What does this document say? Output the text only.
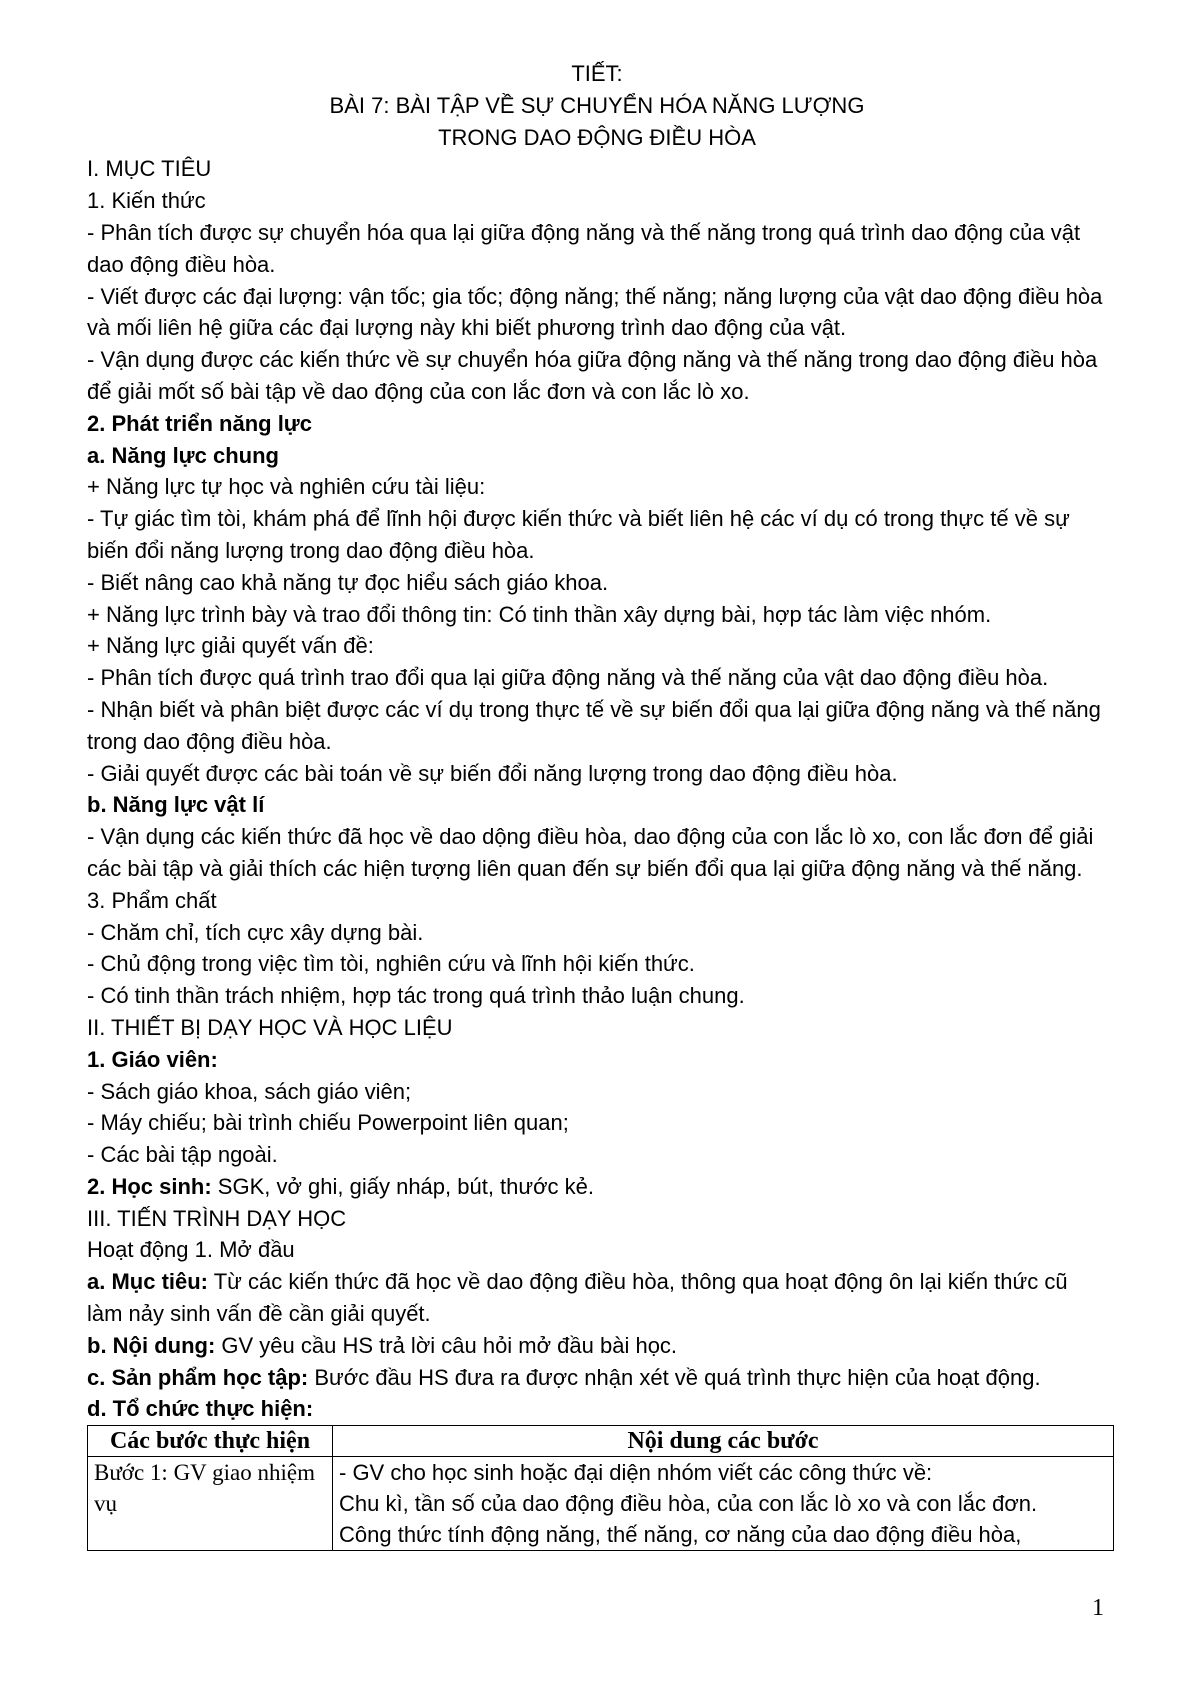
TIẾT:
BÀI 7: BÀI TẬP VỀ SỰ CHUYỂN HÓA NĂNG LƯỢNG
TRONG DAO ĐỘNG ĐIỀU HÒA
I. MỤC TIÊU
1. Kiến thức
- Phân tích được sự chuyển hóa qua lại giữa động năng và thế năng trong quá trình dao động của vật dao động điều hòa.
- Viết được các đại lượng: vận tốc; gia tốc; động năng; thế năng; năng lượng của vật dao động điều hòa và mối liên hệ giữa các đại lượng này khi biết phương trình dao động của vật.
- Vận dụng được các kiến thức về sự chuyển hóa giữa động năng và thế năng trong dao động điều hòa để giải mốt số bài tập về dao động của con lắc đơn và con lắc lò xo.
2. Phát triển năng lực
a. Năng lực chung
+ Năng lực tự học và nghiên cứu tài liệu:
- Tự giác tìm tòi, khám phá để lĩnh hội được kiến thức và biết liên hệ các ví dụ có trong thực tế về sự biến đổi năng lượng trong dao động điều hòa.
- Biết nâng cao khả năng tự đọc hiểu sách giáo khoa.
+ Năng lực trình bày và trao đổi thông tin: Có tinh thần xây dựng bài, hợp tác làm việc nhóm.
+ Năng lực giải quyết vấn đề:
- Phân tích được quá trình trao đổi qua lại giữa động năng và thế năng của vật dao động điều hòa.
- Nhận biết và phân biệt được các ví dụ trong thực tế về sự biến đổi qua lại giữa động năng và thế năng trong dao động điều hòa.
- Giải quyết được các bài toán về sự biến đổi năng lượng trong dao động điều hòa.
b. Năng lực vật lí
- Vận dụng các kiến thức đã học về dao dộng điều hòa, dao động của con lắc lò xo, con lắc đơn để giải các bài tập và giải thích các hiện tượng liên quan đến sự biến đổi qua lại giữa động năng và thế năng.
3. Phẩm chất
- Chăm chỉ, tích cực xây dựng bài.
- Chủ động trong việc tìm tòi, nghiên cứu và lĩnh hội kiến thức.
- Có tinh thần trách nhiệm, hợp tác trong quá trình thảo luận chung.
II. THIẾT BỊ DẠY HỌC VÀ HỌC LIỆU
1. Giáo viên:
- Sách giáo khoa, sách giáo viên;
- Máy chiếu; bài trình chiếu Powerpoint liên quan;
- Các bài tập ngoài.
2. Học sinh: SGK, vở ghi, giấy nháp, bút, thước kẻ.
III. TIẾN TRÌNH DẠY HỌC
Hoạt động 1. Mở đầu
a. Mục tiêu: Từ các kiến thức đã học về dao động điều hòa, thông qua hoạt động ôn lại kiến thức cũ làm nảy sinh vấn đề cần giải quyết.
b. Nội dung: GV yêu cầu HS trả lời câu hỏi mở đầu bài học.
c. Sản phẩm học tập: Bước đầu HS đưa ra được nhận xét về quá trình thực hiện của hoạt động.
d. Tổ chức thực hiện:
Các bước thực hiện	Nội dung các bước
Bước 1: GV giao nhiệm vụ	- GV cho học sinh hoặc đại diện nhóm viết các công thức về:
Chu kì, tần số của dao động điều hòa, của con lắc lò xo và con lắc đơn.
Công thức tính động năng, thế năng, cơ năng của dao động điều hòa,
1
